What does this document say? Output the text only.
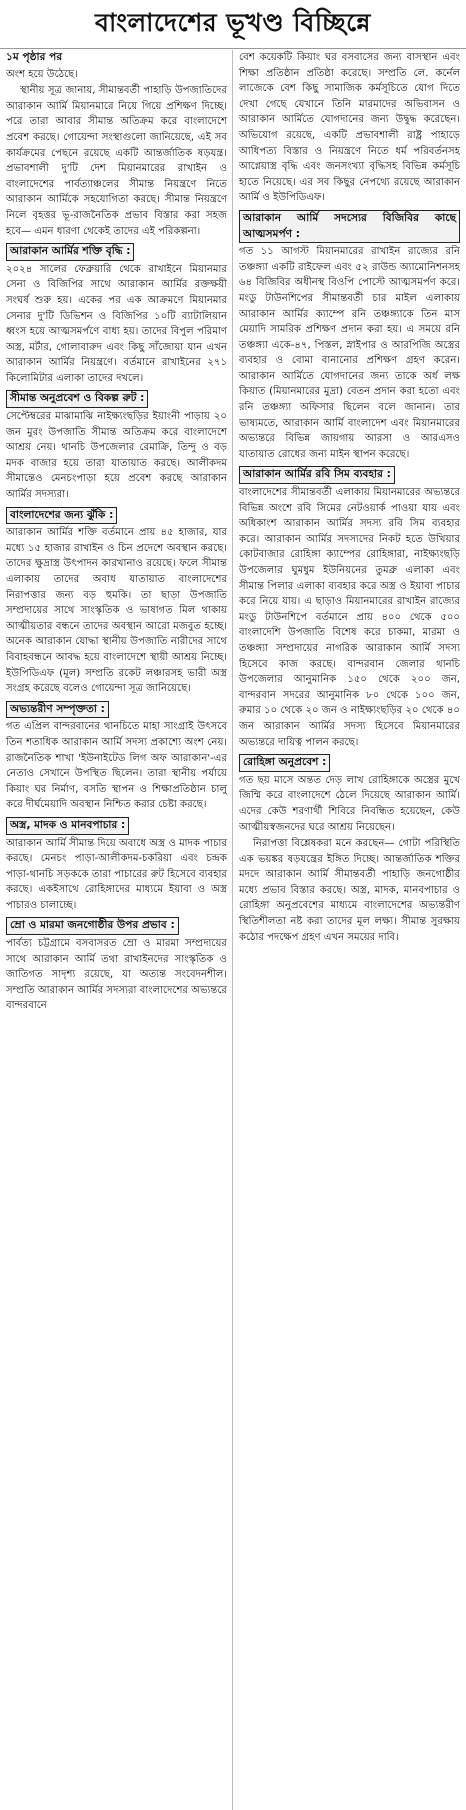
বাংলাদেশের ভূখণ্ড বিচ্ছিন্নে

১ম পৃষ্ঠার পর

অংশ হয়ে উঠেছে।

স্থানীয় সূত্র জানায়, সীমান্তবর্তী পাহাড়ি উপজাতিদের আরাকান আর্মি মিয়ানমারে নিয়ে গিয়ে প্রশিক্ষণ দিচ্ছে। পরে তারা আবার সীমান্ত অতিক্রম করে বাংলাদেশে প্রবেশ করছে। গোয়েন্দা সংস্থাগুলো জানিয়েছে, এই সব কার্যক্রমের পেছনে রয়েছে একটি আন্তর্জাতিক ষড়যন্ত্র। প্রভাবশালী দু'টি দেশ মিয়ানমারের রাখাইন ও বাংলাদেশের পার্বত্যাঞ্চলের সীমান্ত নিয়ন্ত্রণে নিতে আরাকান আর্মিকে সহযোগিতা করছে। সীমান্ত নিয়ন্ত্রণে নিলে বৃহত্তর ভূ-রাজনৈতিক প্রভাব বিস্তার করা সহজ হবে— এমন ধারণা থেকেই তাদের এই পরিকল্পনা।

আরাকান আর্মির শক্তি বৃদ্ধি :

২০২৪ সালের ফেব্রুয়ারি থেকে রাখাইনে মিয়ানমার সেনা ও বিজিপির সাথে আরাকান আর্মির রক্তক্ষয়ী সংঘর্ষ শুরু হয়। একের পর এক আক্রমণে মিয়ানমার সেনার দু'টি ডিভিশন ও বিজিপির ১০টি ব্যাটালিয়ান ধ্বংস হয়ে আত্মসমর্পণে বাধ্য হয়। তাদের বিপুল পরিমাণ অস্ত্র, মর্টার, গোলাবারুদ এবং কিছু সাঁজোয়া যান এখন আরাকান আর্মির নিয়ন্ত্রণে। বর্তমানে রাখাইনের ২৭১ কিলোমিটার এলাকা তাদের দখলে।

সীমান্ত অনুপ্রবেশ ও বিকল্প রুট :

সেপ্টেম্বরের মাঝামাঝি নাইক্ষ্যংছড়ির ইয়াংনী পাড়ায় ২০ জন মুরং উপজাতি সীমান্ত অতিক্রম করে বাংলাদেশে আশ্রয় নেয়। থানচি উপজেলার রেমাক্রি, তিন্দু ও বড় মদক বাজার হয়ে তারা যাতায়াত করছে। আলীকদম সীমান্তেও মেনচংপাড়া হয়ে প্রবেশ করছে আরাকান আর্মির সদস্যরা।

বাংলাদেশের জন্য ঝুঁকি :

আরাকান আর্মির শক্তি বর্তমানে প্রায় ৪৫ হাজার, যার মধ্যে ১৫ হাজার রাখাইন ও চিন প্রদেশে অবস্থান করছে। তাদের ক্ষুদ্রাস্ত্র উৎপাদন কারখানাও রয়েছে। ফলে সীমান্ত এলাকায় তাদের অবাধ যাতায়াত বাংলাদেশের নিরাপত্তার জন্য বড় হুমকি। তা ছাড়া উপজাতি সম্প্রদায়ের সাথে সাংস্কৃতিক ও ভাষাগত মিল থাকায় আত্মীয়তার বন্ধনে তাদের অবস্থান আরো মজবুত হচ্ছে। অনেক আরাকান যোদ্ধা স্থানীয় উপজাতি নারীদের সাথে বিবাহবন্ধনে আবদ্ধ হয়ে বাংলাদেশে স্থায়ী আশ্রয় নিচ্ছে। ইউপিডিএফ (মূল) সম্প্রতি রকেট লঞ্চারসহ ভারী অস্ত্র সংগ্রহ করেছে বলেও গোয়েন্দা সূত্র জানিয়েছে।

অভ্যন্তরীণ সম্পৃক্ততা :

গত এপ্রিল বান্দরবানের থানচিতে মাহা সাংগ্রাই উৎসবে তিন শতাধিক আরাকান আর্মি সদস্য প্রকাশ্যে অংশ নেয়। রাজনৈতিক শাখা 'ইউনাইটেড লিগ অফ আরাকান'-এর নেতাও সেখানে উপস্থিত ছিলেন। তারা স্থানীয় পর্যায়ে কিয়াং ঘর নির্মাণ, বসতি স্থাপন ও শিক্ষাপ্রতিষ্ঠান চালু করে দীর্ঘমেয়াদি অবস্থান নিশ্চিত করার চেষ্টা করছে।

অস্ত্র, মাদক ও মানবপাচার :

আরাকান আর্মি সীমান্ত দিয়ে অবাধে অস্ত্র ও মাদক পাচার করছে। মেনচং পাড়া-আলীকদম-চকরিয়া এবং চন্দ্রক পাড়া-থানচি সড়ককে তারা পাচারের রুট হিসেবে ব্যবহার করছে। একইসাথে রোহিঙ্গাদের মাধ্যমে ইয়াবা ও অস্ত্র পাচারও চালাচ্ছে।

ম্রো ও মারমা জনগোষ্ঠীর উপর প্রভাব :

পার্বত্য চট্টগ্রামে বসবাসরত ম্রো ও মারমা সম্প্রদায়ের সাথে আরাকান আর্মি তথা রাখাইনদের সাংস্কৃতিক ও জাতিগত সাদৃশ্য রয়েছে, যা অত্যন্ত সংবেদনশীল। সম্প্রতি আরাকান আর্মির সদস্যরা বাংলাদেশের অভ্যন্তরে বান্দরবানে

বেশ কয়েকটি কিয়াং ঘর বসবাসের জন্য বাসস্থান এবং শিক্ষা প্রতিষ্ঠান প্রতিষ্ঠা করেছে। সম্প্রতি লে. কর্নেল লাজেকে বেশ কিছু সামাজিক কর্মসূচিতে যোগ দিতে দেখা গেছে যেখানে তিনি মারমাদের অভিবাসন ও আরাকান আর্মিতে যোগদানের জন্য উদ্বুদ্ধ করেছেন। অভিযোগ রয়েছে, একটি প্রভাবশালী রাষ্ট্র পাহাড়ে আধিপত্য বিস্তার ও নিয়ন্ত্রণে নিতে ধর্ম পরিবর্তনসহ আগ্নেয়াস্ত্র বৃদ্ধি এবং জনসংখ্যা বৃদ্ধিসহ বিভিন্ন কর্মসূচি হাতে নিয়েছে। এর সব কিছুর নেপথ্যে রয়েছে আরাকান আর্মি ও ইউপিডিএফ।

আরাকান আর্মি সদস্যের বিজিবির কাছে আত্মসমর্পণ :

গত ১১ আগস্ট মিয়ানমারের রাখাইন রাজ্যের রনি তঞ্চঙ্গ্যা একটি রাইফেল এবং ৫২ রাউন্ড অ্যামোনিশনসহ ৬৪ বিজিবির অধীনস্থ বিওপি পোস্টে আত্মসমর্পণ করে। মংডু টাউনশিপের সীমান্তবর্তী চার মাইল এলাকায় আরাকান আর্মির ক্যাম্পে রনি তঞ্চঙ্গ্যাকে তিন মাস মেয়াদি সামরিক প্রশিক্ষণ প্রদান করা হয়। এ সময়ে রনি তঞ্চঙ্গ্যা একে-৪৭, পিস্তল, স্নাইপার ও আরপিজি অস্ত্রের ব্যবহার ও বোমা বানানোর প্রশিক্ষণ গ্রহণ করেন। আরাকান আর্মিতে যোগদানের জন্য তাকে অর্ধ লক্ষ কিয়াত (মিয়ানমারের মুদ্রা) বেতন প্রদান করা হতো এবং রনি তঞ্চঙ্গ্যা অফিসার ছিলেন বলে জানান। তার ভাষ্যমতে, আরাকান আর্মি বাংলাদেশ এবং মিয়ানমারের অভ্যন্তরে বিভিন্ন জায়গায় আরসা ও আরএসও যাতায়াত রোধের জন্য মাইন স্থাপন করেছে।

আরাকান আর্মির রবি সিম ব্যবহার :

বাংলাদেশের সীমান্তবর্তী এলাকায় মিয়ানমারের অভ্যন্তরে বিভিন্ন অংশে রবি সিমের নেটওয়ার্ক পাওয়া যায় এবং অধিকাংশ আরাকান আর্মির সদস্য রবি সিম ব্যবহার করে। আরাকান আর্মির সদস্যদের নিকট হতে উখিয়ার কোটবাজার রোহিঙ্গা ক্যাম্পের রোহিঙ্গারা, নাইক্ষ্যংছড়ি উপজেলার ঘুমধুম ইউনিয়নের তুমব্রু এলাকা এবং সীমান্ত পিলার এলাকা ব্যবহার করে অস্ত্র ও ইয়াবা পাচার করে নিয়ে যায়। এ ছাড়াও মিয়ানমারের রাখাইন রাজ্যের মংডু টাউনশিপে বর্তমানে প্রায় ৪০০ থেকে ৫০০ বাংলাদেশি উপজাতি বিশেষ করে চাকমা, মারমা ও তঞ্চঙ্গ্যা সম্প্রদায়ের নাগরিক আরাকান আর্মি সদস্য হিসেবে কাজ করছে। বান্দরবান জেলার থানচি উপজেলার আনুমানিক ১৫০ থেকে ২০০ জন, বান্দরবান সদরের আনুমানিক ৮০ থেকে ১০০ জন, রুমার ১০ থেকে ২০ জন ও নাইক্ষ্যংছড়ির ২০ থেকে ৪০ জন আরাকান আর্মির সদস্য হিসেবে মিয়ানমারের অভ্যন্তরে দায়িত্ব পালন করছে।

রোহিঙ্গা অনুপ্রবেশ :

গত ছয় মাসে অন্তত দেড় লাখ রোহিঙ্গাকে অস্ত্রের মুখে জিম্মি করে বাংলাদেশে ঠেলে দিয়েছে আরাকান আর্মি। এদের কেউ শরণার্থী শিবিরে নিবন্ধিত হয়েছেন, কেউ আত্মীয়স্বজনদের ঘরে আশ্রয় নিয়েছেন।

নিরাপত্তা বিশ্লেষকরা মনে করছেন— গোটা পরিস্থিতি এক ভয়ঙ্কর ষড়যন্ত্রের ইঙ্গিত দিচ্ছে। আন্তর্জাতিক শক্তির মদদে আরাকান আর্মি সীমান্তবর্তী পাহাড়ি জনগোষ্ঠীর মধ্যে প্রভাব বিস্তার করছে। অস্ত্র, মাদক, মানবপাচার ও রোহিঙ্গা অনুপ্রবেশের মাধ্যমে বাংলাদেশের অভ্যন্তরীণ স্থিতিশীলতা নষ্ট করা তাদের মূল লক্ষ্য। সীমান্ত সুরক্ষায় কঠোর পদক্ষেপ গ্রহণ এখন সময়ের দাবি।
